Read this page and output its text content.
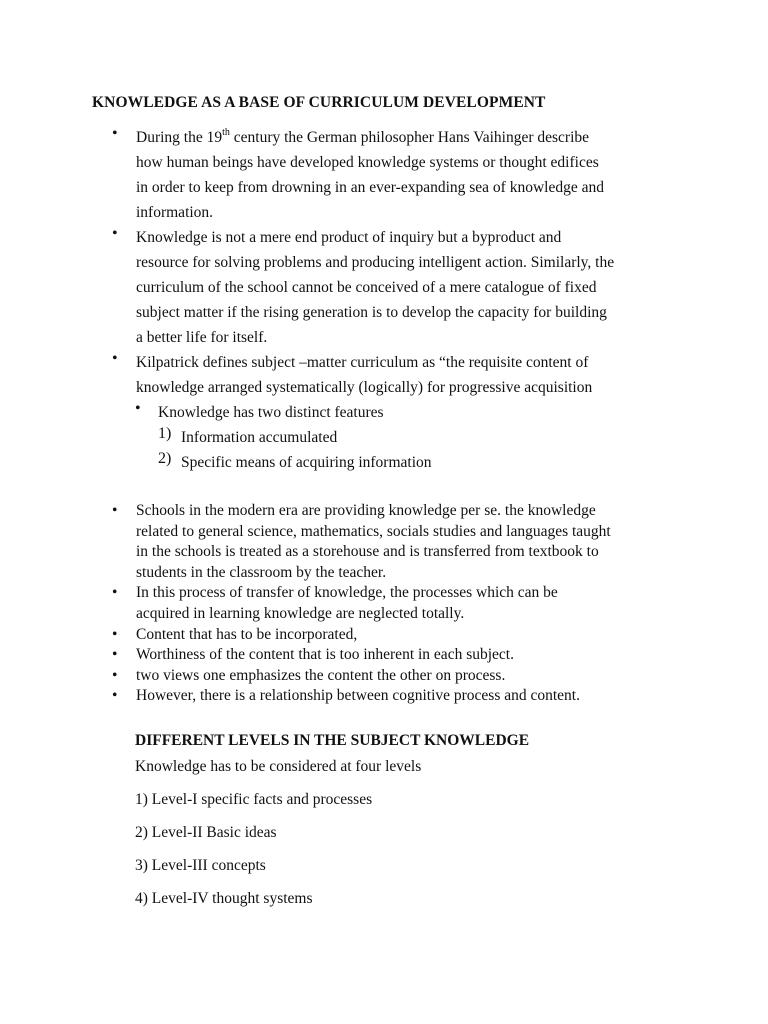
KNOWLEDGE AS A BASE OF CURRICULUM DEVELOPMENT
• During the 19th century the German philosopher Hans Vaihinger describe

how human beings have developed knowledge systems or thought edifices

in order to keep from drowning in an ever-expanding sea of knowledge and

information.

• Knowledge is not a mere end product of inquiry but a byproduct and

resource for solving problems and producing intelligent action. Similarly, the

curriculum of the school cannot be conceived of a mere catalogue of fixed

subject matter if the rising generation is to develop the capacity for building

a better life for itself.

• Kilpatrick defines subject –matter curriculum as “the requisite content of

knowledge arranged systematically (logically) for progressive acquisition

• Knowledge has two distinct features

1) Information accumulated

2) Specific means of acquiring information

• Schools in the modern era are providing knowledge per se. the knowledge
related to general science, mathematics, socials studies and languages taught
in the schools is treated as a storehouse and is transferred from textbook to
students in the classroom by the teacher.
• In this process of transfer of knowledge, the processes which can be
acquired in learning knowledge are neglected totally.
• Content that has to be incorporated,
• Worthiness of the content that is too inherent in each subject.
• two views one emphasizes the content the other on process.
• However, there is a relationship between cognitive process and content.
DIFFERENT LEVELS IN THE SUBJECT KNOWLEDGE

Knowledge has to be considered at four levels

1) Level-I specific facts and processes

2) Level-II Basic ideas

3) Level-III concepts

4) Level-IV thought systems
